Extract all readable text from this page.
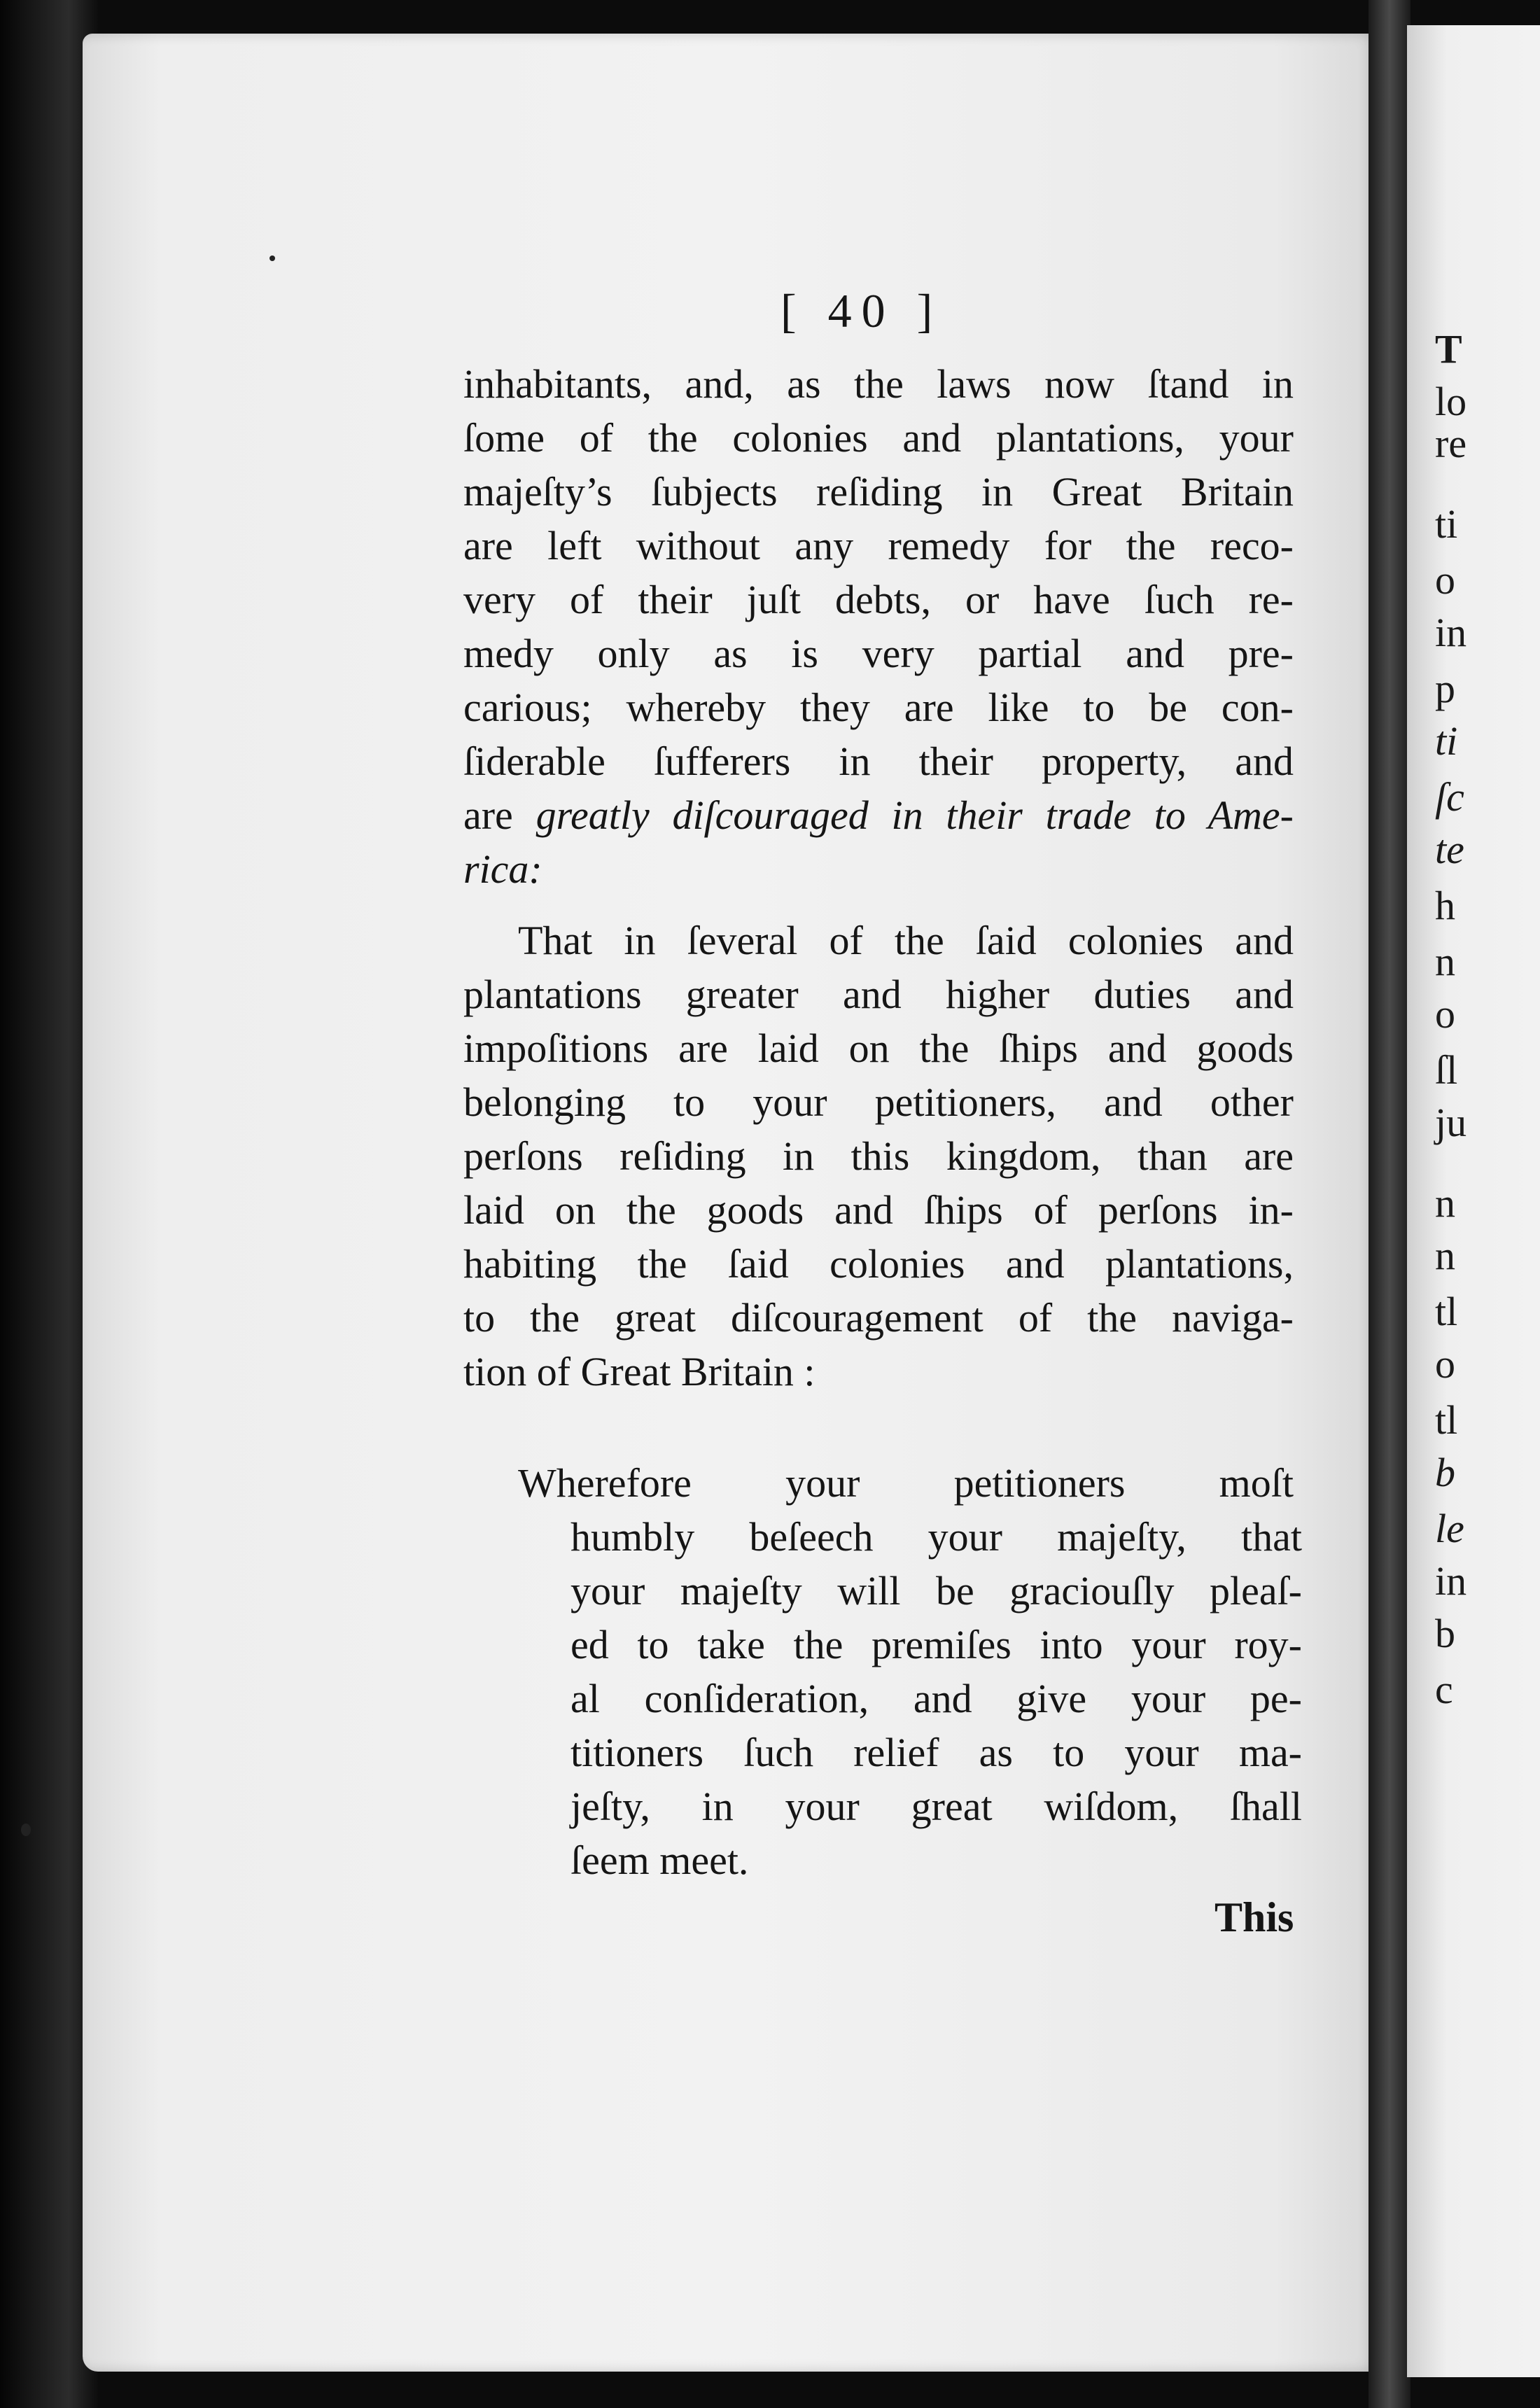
T
lo
re
ti
o
in
p
ti
ſc
te
h
n
o
ſl
ju
n
n
tl
o
tl
b
le
in
b
c
[ 40 ]
inhabitants, and, as the laws now ſtand in
ſome of the colonies and plantations, your
majeſty’s ſubjects reſiding in Great Britain
are left without any remedy for the reco-
very of their juſt debts, or have ſuch re-
medy only as is very partial and pre-
carious; whereby they are like to be con-
ſiderable ſufferers in their property, and
are greatly diſcouraged in their trade to Ame-
rica:
That in ſeveral of the ſaid colonies and
plantations greater and higher duties and
impoſitions are laid on the ſhips and goods
belonging to your petitioners, and other
perſons reſiding in this kingdom, than are
laid on the goods and ſhips of perſons in-
habiting the ſaid colonies and plantations,
to the great diſcouragement of the naviga-
tion of Great Britain :
Wherefore your petitioners moſt
humbly beſeech your majeſty, that
your majeſty will be graciouſly pleaſ-
ed to take the premiſes into your roy-
al conſideration, and give your pe-
titioners ſuch relief as to your ma-
jeſty, in your great wiſdom, ſhall
ſeem meet.
This
